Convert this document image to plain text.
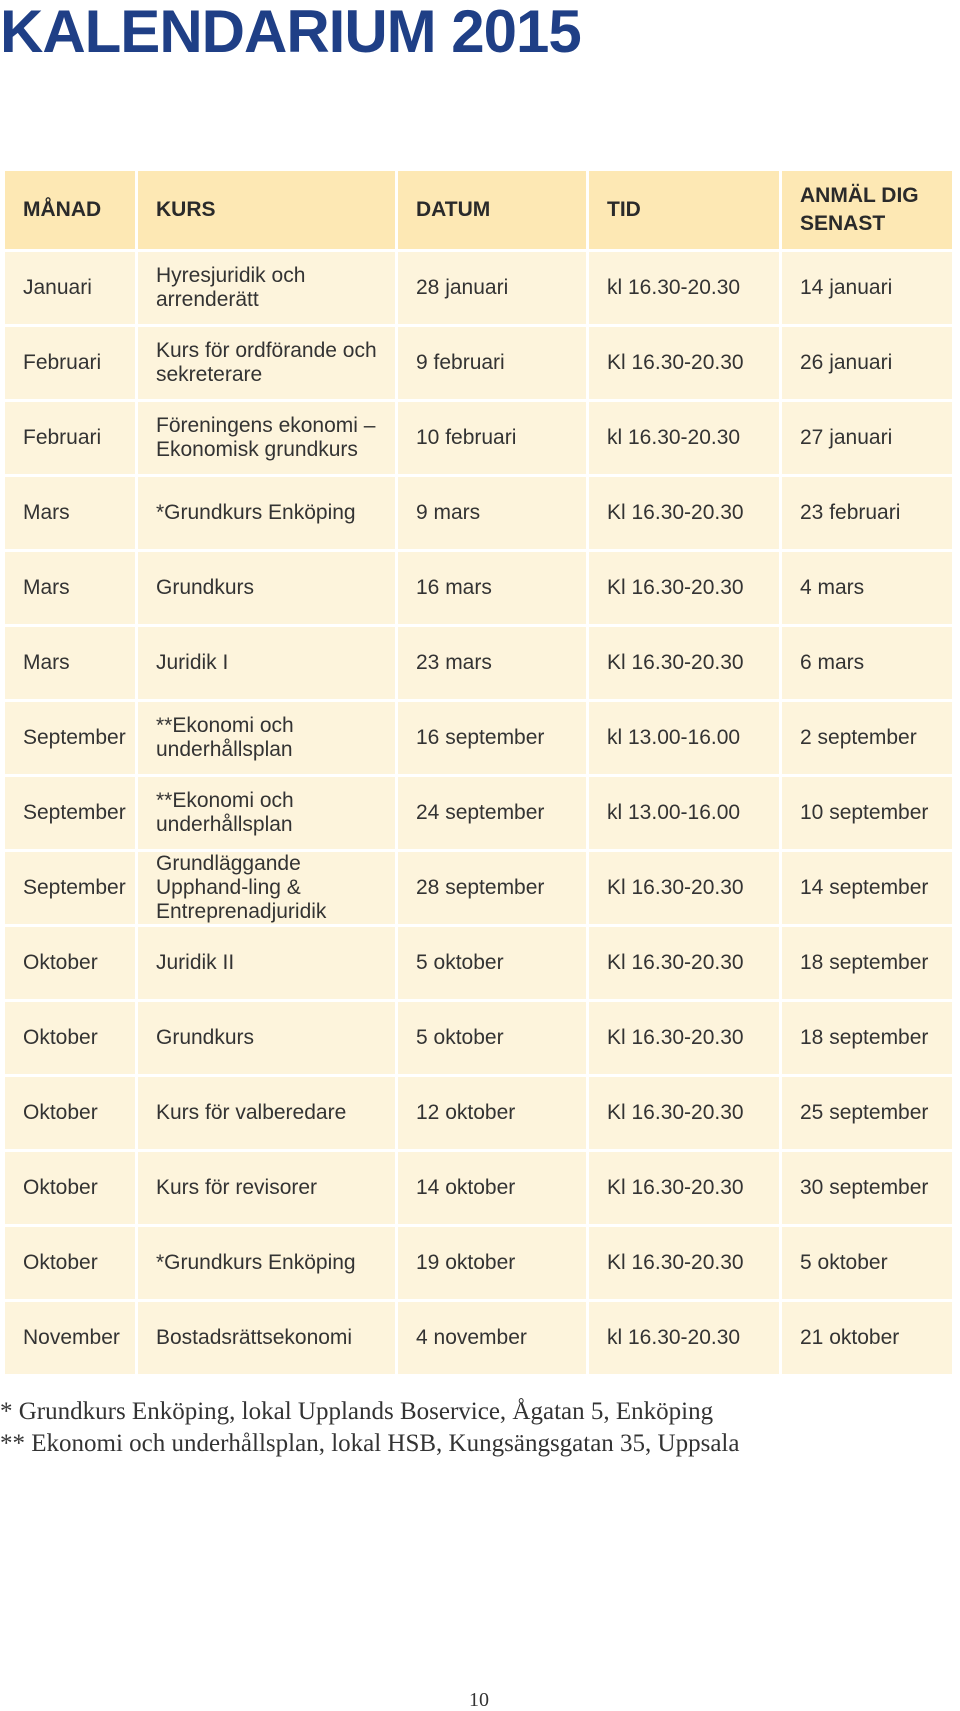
KALENDARIUM 2015
MÅNAD	KURS	DATUM	TID	ANMÄL DIG SENAST
Januari	Hyresjuridik och arrenderätt	28 januari	kl 16.30-20.30	14 januari
Februari	Kurs för ordförande och sekreterare	9 februari	Kl 16.30-20.30	26 januari
Februari	Föreningens ekonomi – Ekonomisk grundkurs	10 februari	kl 16.30-20.30	27 januari
Mars	*Grundkurs Enköping	9 mars	Kl 16.30-20.30	23 februari
Mars	Grundkurs	16 mars	Kl 16.30-20.30	4 mars
Mars	Juridik I	23 mars	Kl 16.30-20.30	6 mars
September	**Ekonomi och underhållsplan	16 september	kl 13.00-16.00	2 september
September	**Ekonomi och underhållsplan	24 september	kl 13.00-16.00	10 september
September	Grundläggande Upphand-ling & Entreprenadjuridik	28 september	Kl 16.30-20.30	14 september
Oktober	Juridik II	5 oktober	Kl 16.30-20.30	18 september
Oktober	Grundkurs	5 oktober	Kl 16.30-20.30	18 september
Oktober	Kurs för valberedare	12 oktober	Kl 16.30-20.30	25 september
Oktober	Kurs för revisorer	14 oktober	Kl 16.30-20.30	30 september
Oktober	*Grundkurs Enköping	19 oktober	Kl 16.30-20.30	5 oktober
November	Bostadsrättsekonomi	4 november	kl 16.30-20.30	21 oktober

* Grundkurs Enköping, lokal Upplands Boservice, Ågatan 5, Enköping

** Ekonomi och underhållsplan, lokal HSB, Kungsängsgatan 35, Uppsala

10
